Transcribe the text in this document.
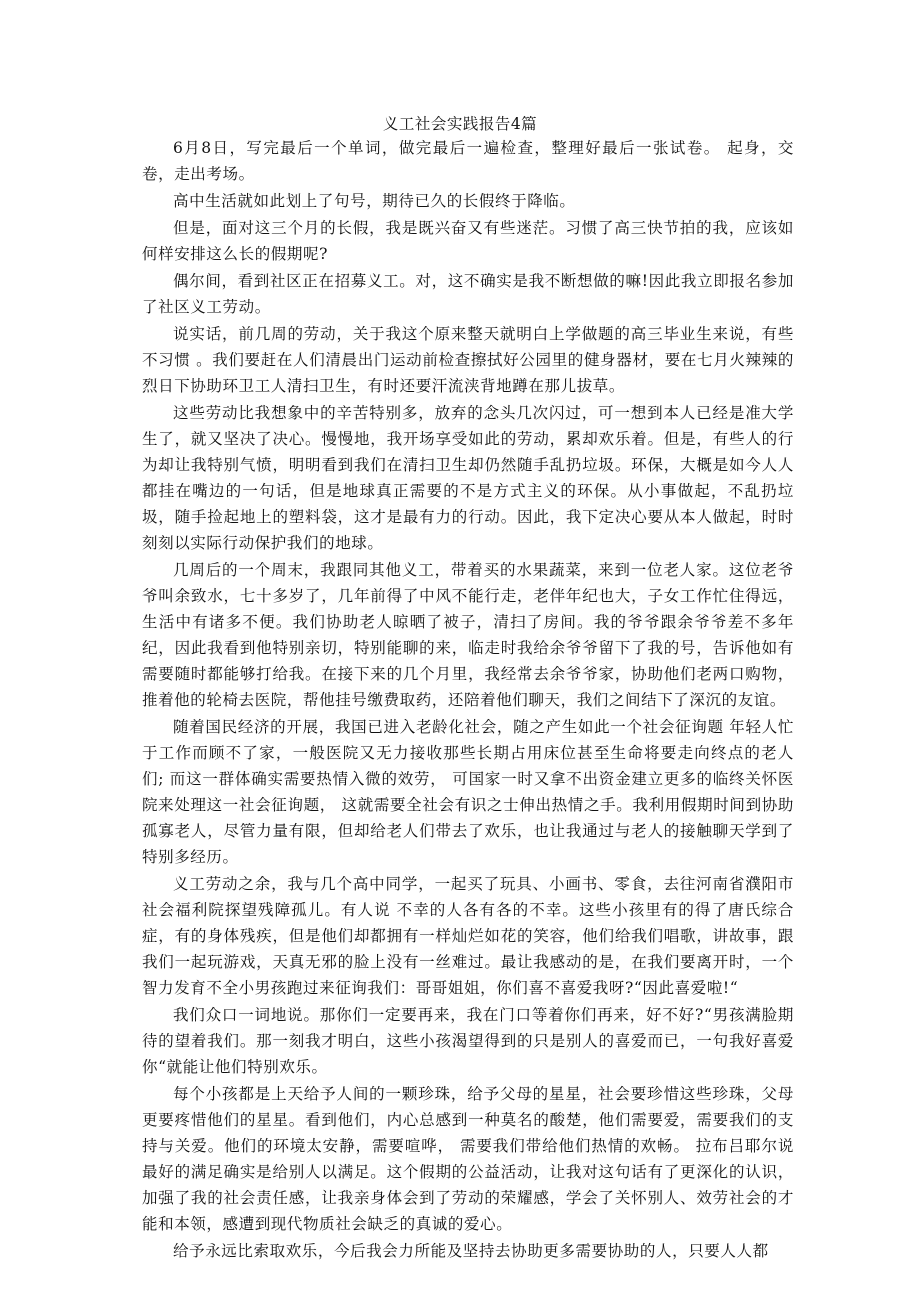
义工社会实践报告4篇

6月8日，写完最后一个单词，做完最后一遍检查，整理好最后一张试卷。 起身，交卷，走出考场。

高中生活就如此划上了句号，期待已久的长假终于降临。

但是，面对这三个月的长假，我是既兴奋又有些迷茫。习惯了高三快节拍的我，应该如何样安排这么长的假期呢?

偶尔间，看到社区正在招募义工。对，这不确实是我不断想做的嘛!因此我立即报名参加了社区义工劳动。

说实话，前几周的劳动，关于我这个原来整天就明白上学做题的高三毕业生来说，有些不习惯 。我们要赶在人们清晨出门运动前检查擦拭好公园里的健身器材，要在七月火辣辣的烈日下协助环卫工人清扫卫生，有时还要汗流浃背地蹲在那儿拔草。

这些劳动比我想象中的辛苦特别多，放弃的念头几次闪过，可一想到本人已经是准大学生了，就又坚决了决心。慢慢地，我开场享受如此的劳动，累却欢乐着。但是，有些人的行为却让我特别气愤，明明看到我们在清扫卫生却仍然随手乱扔垃圾。环保，大概是如今人人都挂在嘴边的一句话，但是地球真正需要的不是方式主义的环保。从小事做起，不乱扔垃圾，随手捡起地上的塑料袋，这才是最有力的行动。因此，我下定决心要从本人做起，时时刻刻以实际行动保护我们的地球。

几周后的一个周末，我跟同其他义工，带着买的水果蔬菜，来到一位老人家。这位老爷爷叫余致水，七十多岁了，几年前得了中风不能行走，老伴年纪也大，子女工作忙住得远，生活中有诸多不便。我们协助老人晾晒了被子，清扫了房间。我的爷爷跟余爷爷差不多年纪，因此我看到他特别亲切，特别能聊的来，临走时我给余爷爷留下了我的号，告诉他如有需要随时都能够打给我。在接下来的几个月里，我经常去余爷爷家，协助他们老两口购物，推着他的轮椅去医院，帮他挂号缴费取药，还陪着他们聊天，我们之间结下了深沉的友谊。

随着国民经济的开展，我国已进入老龄化社会，随之产生如此一个社会征询题 年轻人忙 于工作而顾不了家，一般医院又无力接收那些长期占用床位甚至生命将要走向终点的老人 们; 而这一群体确实需要热情入微的效劳， 可国家一时又拿不出资金建立更多的临终关怀医 院来处理这一社会征询题， 这就需要全社会有识之士伸出热情之手。我利用假期时间到协助孤寡老人，尽管力量有限，但却给老人们带去了欢乐，也让我通过与老人的接触聊天学到了特别多经历。

义工劳动之余，我与几个高中同学，一起买了玩具、小画书、零食，去往河南省濮阳市社会福利院探望残障孤儿。有人说 不幸的人各有各的不幸。这些小孩里有的得了唐氏综合症，有的身体残疾，但是他们却都拥有一样灿烂如花的笑容，他们给我们唱歌，讲故事，跟我们一起玩游戏，天真无邪的脸上没有一丝难过。最让我感动的是，在我们要离开时，一个智力发育不全小男孩跑过来征询我们：哥哥姐姐，你们喜不喜爱我呀?“因此喜爱啦!“

我们众口一词地说。那你们一定要再来，我在门口等着你们再来，好不好?“男孩满脸期待的望着我们。那一刻我才明白，这些小孩渴望得到的只是别人的喜爱而已，一句我好喜爱你“就能让他们特别欢乐。

每个小孩都是上天给予人间的一颗珍珠，给予父母的星星，社会要珍惜这些珍珠，父母更要疼惜他们的星星。看到他们，内心总感到一种莫名的酸楚，他们需要爱，需要我们的支持与关爱。他们的环境太安静，需要喧哗， 需要我们带给他们热情的欢畅。 拉布吕耶尔说 最好的满足确实是给别人以满足。这个假期的公益活动，让我对这句话有了更深化的认识，加强了我的社会责任感，让我亲身体会到了劳动的荣耀感，学会了关怀别人、效劳社会的才能和本领，感遭到现代物质社会缺乏的真诚的爱心。

给予永远比索取欢乐，今后我会力所能及坚持去协助更多需要协助的人，只要人人都
